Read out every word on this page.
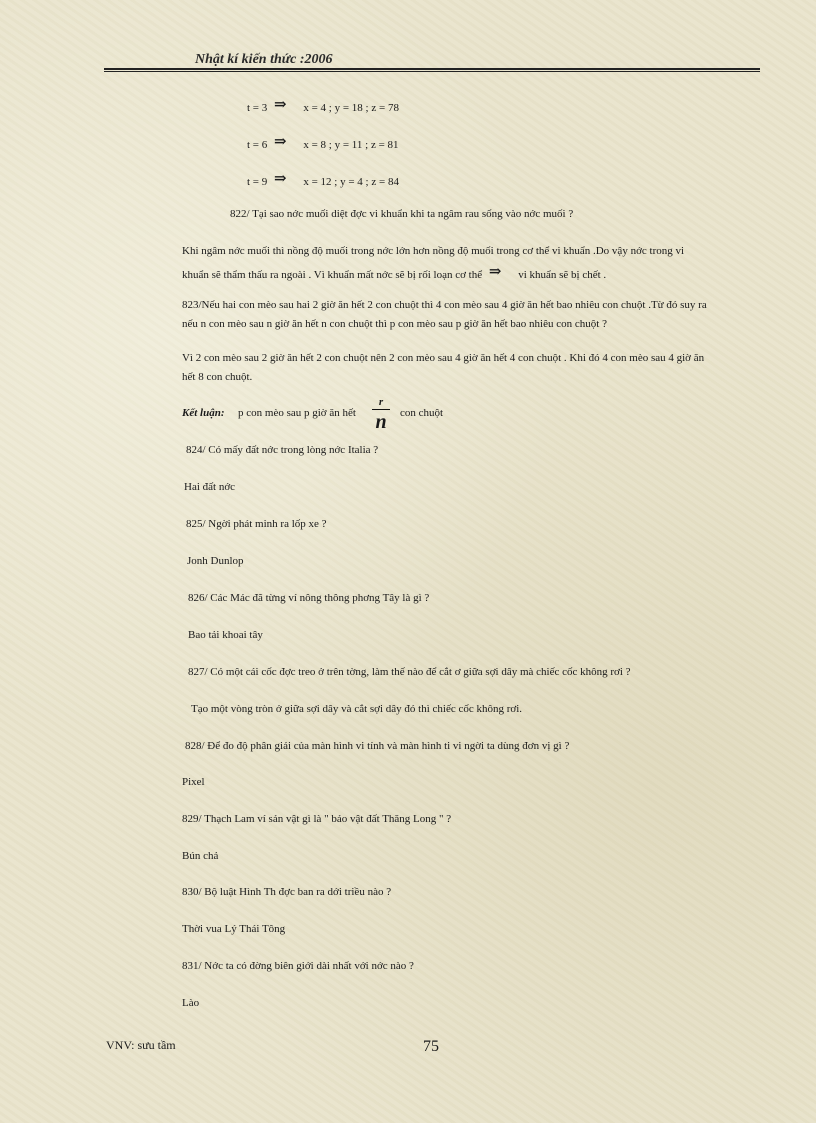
Nhật kí kiến thức :2006
t = 3 ⇒ x = 4 ; y = 18 ; z = 78
t = 6 ⇒ x = 8 ; y = 11 ; z = 81
t = 9 ⇒ x = 12 ; y = 4 ; z = 84
822/ Tại sao nớc muối diệt đợc vi khuẩn khi ta ngâm rau sống vào nớc muối ?
Khi ngâm nớc muối thì nồng độ muối trong nớc lớn hơn nồng độ muối trong cơ thể vi khuẩn .Do vậy nớc trong vi
khuẩn sẽ thẩm thấu ra ngoài . Vì khuẩn mất nớc sẽ bị rối loạn cơ thể ⇒ vi khuẩn sẽ bị chết .
823/Nếu hai con mèo sau hai 2 giờ ăn hết 2 con chuột thì 4 con mèo sau 4 giờ ăn hết bao nhiêu con chuột .Từ đó suy ra
nếu n con mèo sau n giờ ăn hết n con chuột thì p con mèo sau p giờ ăn hết bao nhiêu con chuột ?
Vì 2 con mèo sau 2 giờ ăn hết 2 con chuột nên 2 con mèo sau 4 giờ ăn hết 4 con chuột . Khi đó 4 con mèo sau 4 giờ ăn
hết 8 con chuột.
Kết luận: p con mèo sau p giờ ăn hết
r
n	con chuột
824/ Có mấy đất nớc trong lòng nớc Italia ?
Hai đất nớc
825/ Ngời phát minh ra lốp xe ?
Jonh Dunlop
826/ Các Mác đã từng ví nông thông phơng Tây là gì ?
Bao tải khoai tây
827/ Có một cái cốc đợc treo ở trên tờng, làm thế nào để cắt ơ giữa sợi dây mà chiếc cốc không rơi ?
Tạo một vòng tròn ở giữa sợi dây và cắt sợi dây đó thì chiếc cốc không rơi.
828/ Để đo độ phân giải của màn hình vi tính và màn hình ti vi ngời ta dùng đơn vị gì ?
Pixel
829/ Thạch Lam ví sản vật gì là " bảo vật đất Thăng Long " ?
Bún chả
830/ Bộ luật Hình Th đợc ban ra dới triều nào ?
Thời vua Lý Thái Tông
831/ Nớc ta có đờng biên giới dài nhất với nớc nào ?
Lào
VNV: sưu tầm	75
